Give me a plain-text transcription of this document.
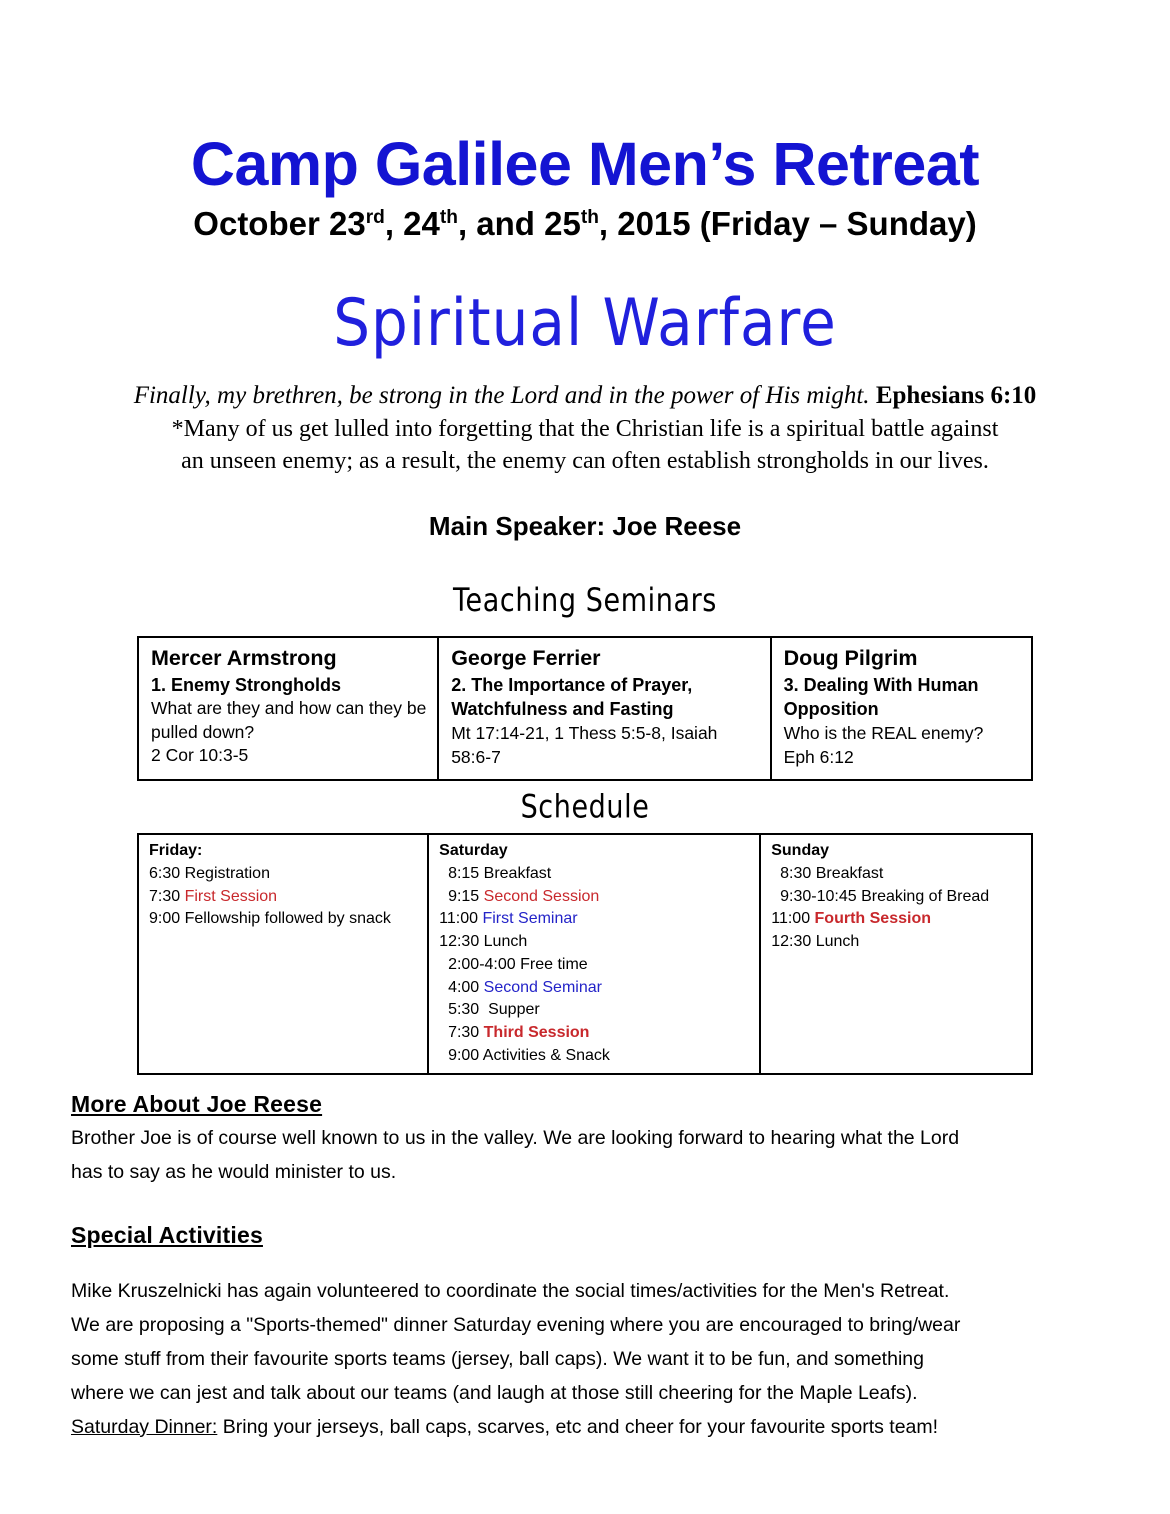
Camp Galilee Men’s Retreat
October 23rd, 24th, and 25th, 2015 (Friday – Sunday)
Spiritual Warfare
Finally, my brethren, be strong in the Lord and in the power of His might. Ephesians 6:10
*Many of us get lulled into forgetting that the Christian life is a spiritual battle against an unseen enemy; as a result, the enemy can often establish strongholds in our lives.
Main Speaker: Joe Reese
Teaching Seminars
Mercer Armstrong
1. Enemy Strongholds
What are they and how can they be pulled down?
2 Cor 10:3-5

George Ferrier
2. The Importance of Prayer, Watchfulness and Fasting
Mt 17:14-21, 1 Thess 5:5-8, Isaiah 58:6-7

Doug Pilgrim
3. Dealing With Human Opposition
Who is the REAL enemy?
Eph 6:12
Schedule
Friday:
6:30 Registration
7:30 First Session
9:00 Fellowship followed by snack

Saturday
8:15 Breakfast
9:15 Second Session
11:00 First Seminar
12:30 Lunch
2:00-4:00 Free time
4:00 Second Seminar
5:30  Supper
7:30 Third Session
9:00 Activities & Snack

Sunday
8:30 Breakfast
9:30-10:45 Breaking of Bread
11:00 Fourth Session
12:30 Lunch
More About Joe Reese

Brother Joe is of course well known to us in the valley. We are looking forward to hearing what the Lord has to say as he would minister to us.

Special Activities

Mike Kruszelnicki has again volunteered to coordinate the social times/activities for the Men's Retreat. We are proposing a "Sports-themed" dinner Saturday evening where you are encouraged to bring/wear some stuff from their favourite sports teams (jersey, ball caps). We want it to be fun, and something where we can jest and talk about our teams (and laugh at those still cheering for the Maple Leafs). Saturday Dinner: Bring your jerseys, ball caps, scarves, etc and cheer for your favourite sports team!
